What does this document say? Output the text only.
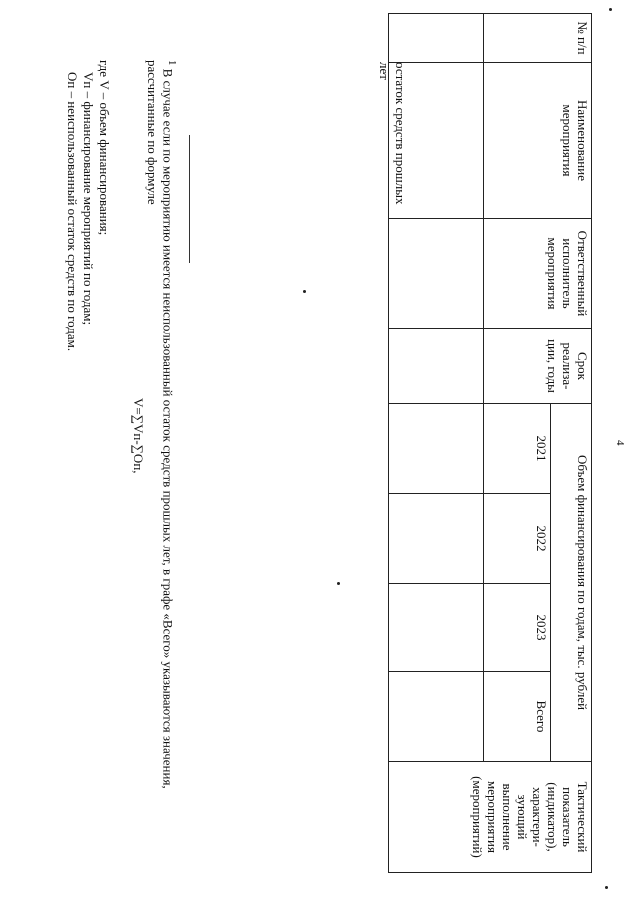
4
№ п/п	Наименование мероприятия	Ответственный исполнитель мероприятия	Срок реализа-ции, годы	Объем финансирования по годам, тыс. рублей				Тактический показатель (индикатор), характери-зующий выполнение мероприятия (мероприятий)
				2021	2022	2023	Всего	

остаток средств прошлых лет
$^1$ В случае если по мероприятию имеется неиспользованный остаток средств прошлых лет, в графе «Всего» указываются значения, рассчитанные по формуле
V=∑Vп-∑Oп,
где V – объем финансирования;
Vп – финансирование мероприятий по годам;
Oп – неиспользованный остаток средств по годам.
